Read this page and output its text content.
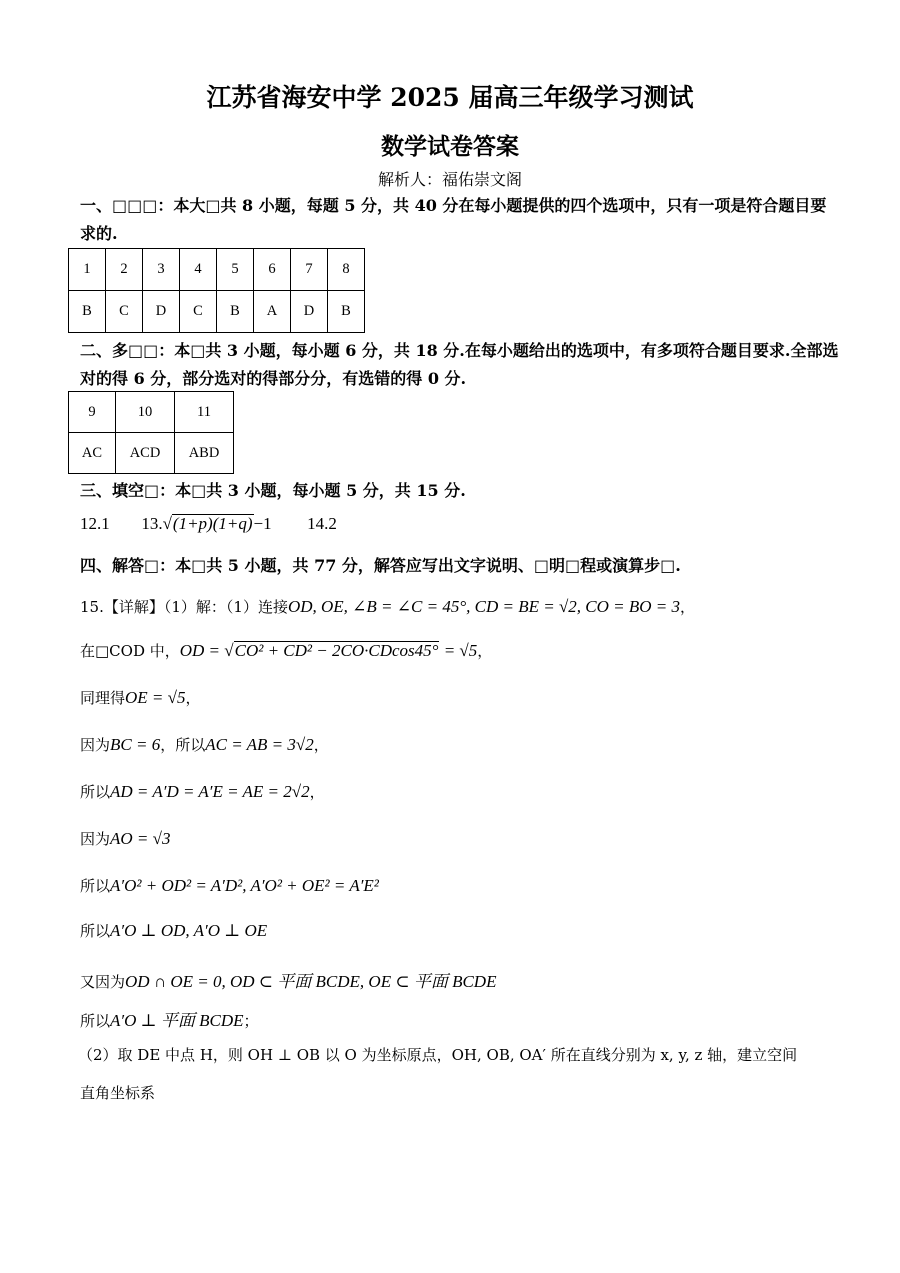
江苏省海安中学 2025 届高三年级学习测试
数学试卷答案
解析人：福佑崇文阁
一、□□□：本大□共 8 小题，每题 5 分，共 40 分在每小题提供的四个选项中，只有一项是符合题目要求的.
1	2	3	4	5	6	7	8
B	C	D	C	B	A	D	B
二、多□□：本□共 3 小题，每小题 6 分，共 18 分.在每小题给出的选项中，有多项符合题目要求.全部选对的得 6 分，部分选对的得部分分，有选错的得 0 分.
9	10	11
AC	ACD	ABD
三、填空□：本□共 3 小题，每小题 5 分，共 15 分.
12.1 13.√(1+p)(1+q)−1 14.2
四、解答□：本□共 5 小题，共 77 分，解答应写出文字说明、□明□程或演算步□.
15.【详解】（1）解：（1）连接OD, OE, ∠B = ∠C = 45°, CD = BE = √2, CO = BO = 3，
在□COD 中，OD = √CO² + CD² − 2CO·CDcos45° = √5，
同理得OE = √5，
因为BC = 6，所以AC = AB = 3√2，
所以AD = A′D = A′E = AE = 2√2，
因为AO = √3
所以A′O² + OD² = A′D², A′O² + OE² = A′E²
所以A′O ⊥ OD, A′O ⊥ OE
又因为OD ∩ OE = 0, OD ⊂ 平面 BCDE, OE ⊂ 平面 BCDE
所以A′O ⊥ 平面 BCDE；
（2）取 DE 中点 H，则 OH ⊥ OB 以 O 为坐标原点，OH, OB, OA′ 所在直线分别为 x, y, z 轴，建立空间
直角坐标系
